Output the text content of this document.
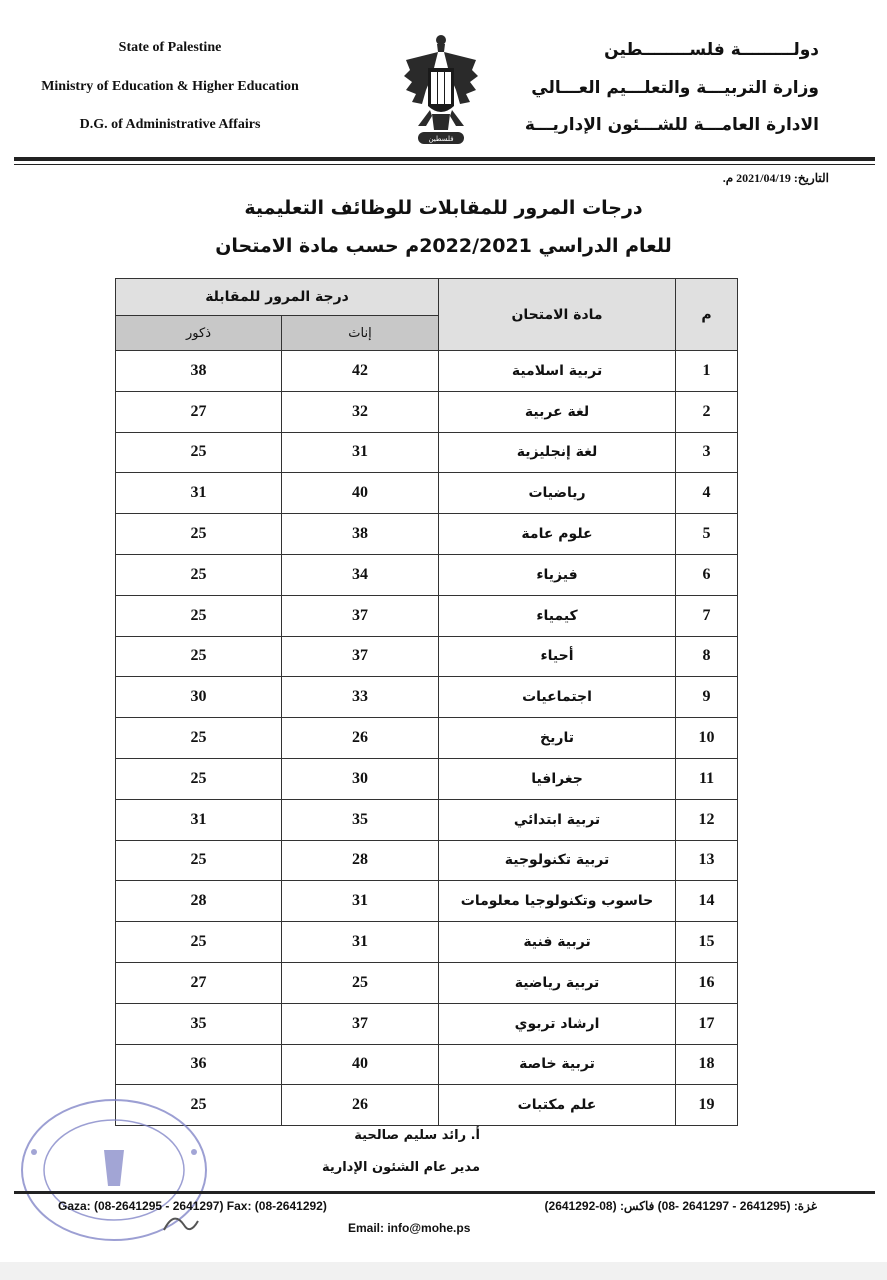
State of Palestine
Ministry of Education & Higher Education
D.G. of Administrative Affairs
دولـــــــــة فلســــــــطين
وزارة التربيـــة والتعلـــيم العـــالي
الادارة العامـــة للشـــئون الإداريـــة
فلسطين
التاريخ: 2021/04/19 م.
درجات المرور للمقابلات للوظائف التعليمية
للعام الدراسي 2022/2021م حسب مادة الامتحان
م	مادة الامتحان	درجة المرور للمقابلة	
		إناث	ذكور
1	تربية اسلامية	42	38
2	لغة عربية	32	27
3	لغة إنجليزية	31	25
4	رياضيات	40	31
5	علوم عامة	38	25
6	فيزياء	34	25
7	كيمياء	37	25
8	أحياء	37	25
9	اجتماعيات	33	30
10	تاريخ	26	25
11	جغرافيا	30	25
12	تربية ابتدائي	35	31
13	تربية تكنولوجية	28	25
14	حاسوب وتكنولوجيا معلومات	31	28
15	تربية فنية	31	25
16	تربية رياضية	25	27
17	ارشاد تربوي	37	35
18	تربية خاصة	40	36
19	علم مكتبات	26	25
أ. رائد سليم صالحية
مدير عام الشئون الإدارية
غزة: (2641295 - 2641297 -08) فاكس: (08-2641292)
Gaza: (08-2641295 - 2641297) Fax: (08-2641292)
Email: info@mohe.ps
